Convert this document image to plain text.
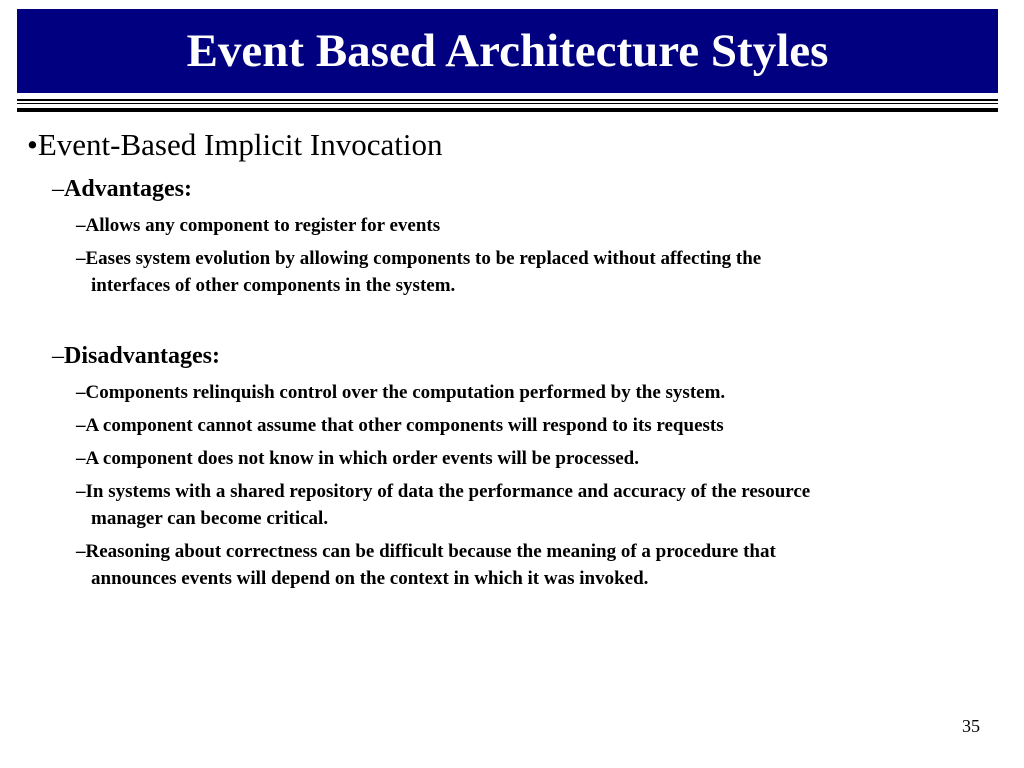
Event Based Architecture Styles
•Event-Based Implicit Invocation
–Advantages:
–Allows any component to register for events
–Eases system evolution by allowing components to be replaced without affecting the
interfaces of other components in the system.
–Disadvantages:
–Components relinquish control over the computation performed by the system.
–A component cannot assume that other components will respond to its requests
–A component does not know in which order events will be processed.
–In systems with a shared repository of data the performance and accuracy of the resource
manager can become critical.
–Reasoning about correctness can be difficult because the meaning of a procedure that
announces events will depend on the context in which it was invoked.
35
